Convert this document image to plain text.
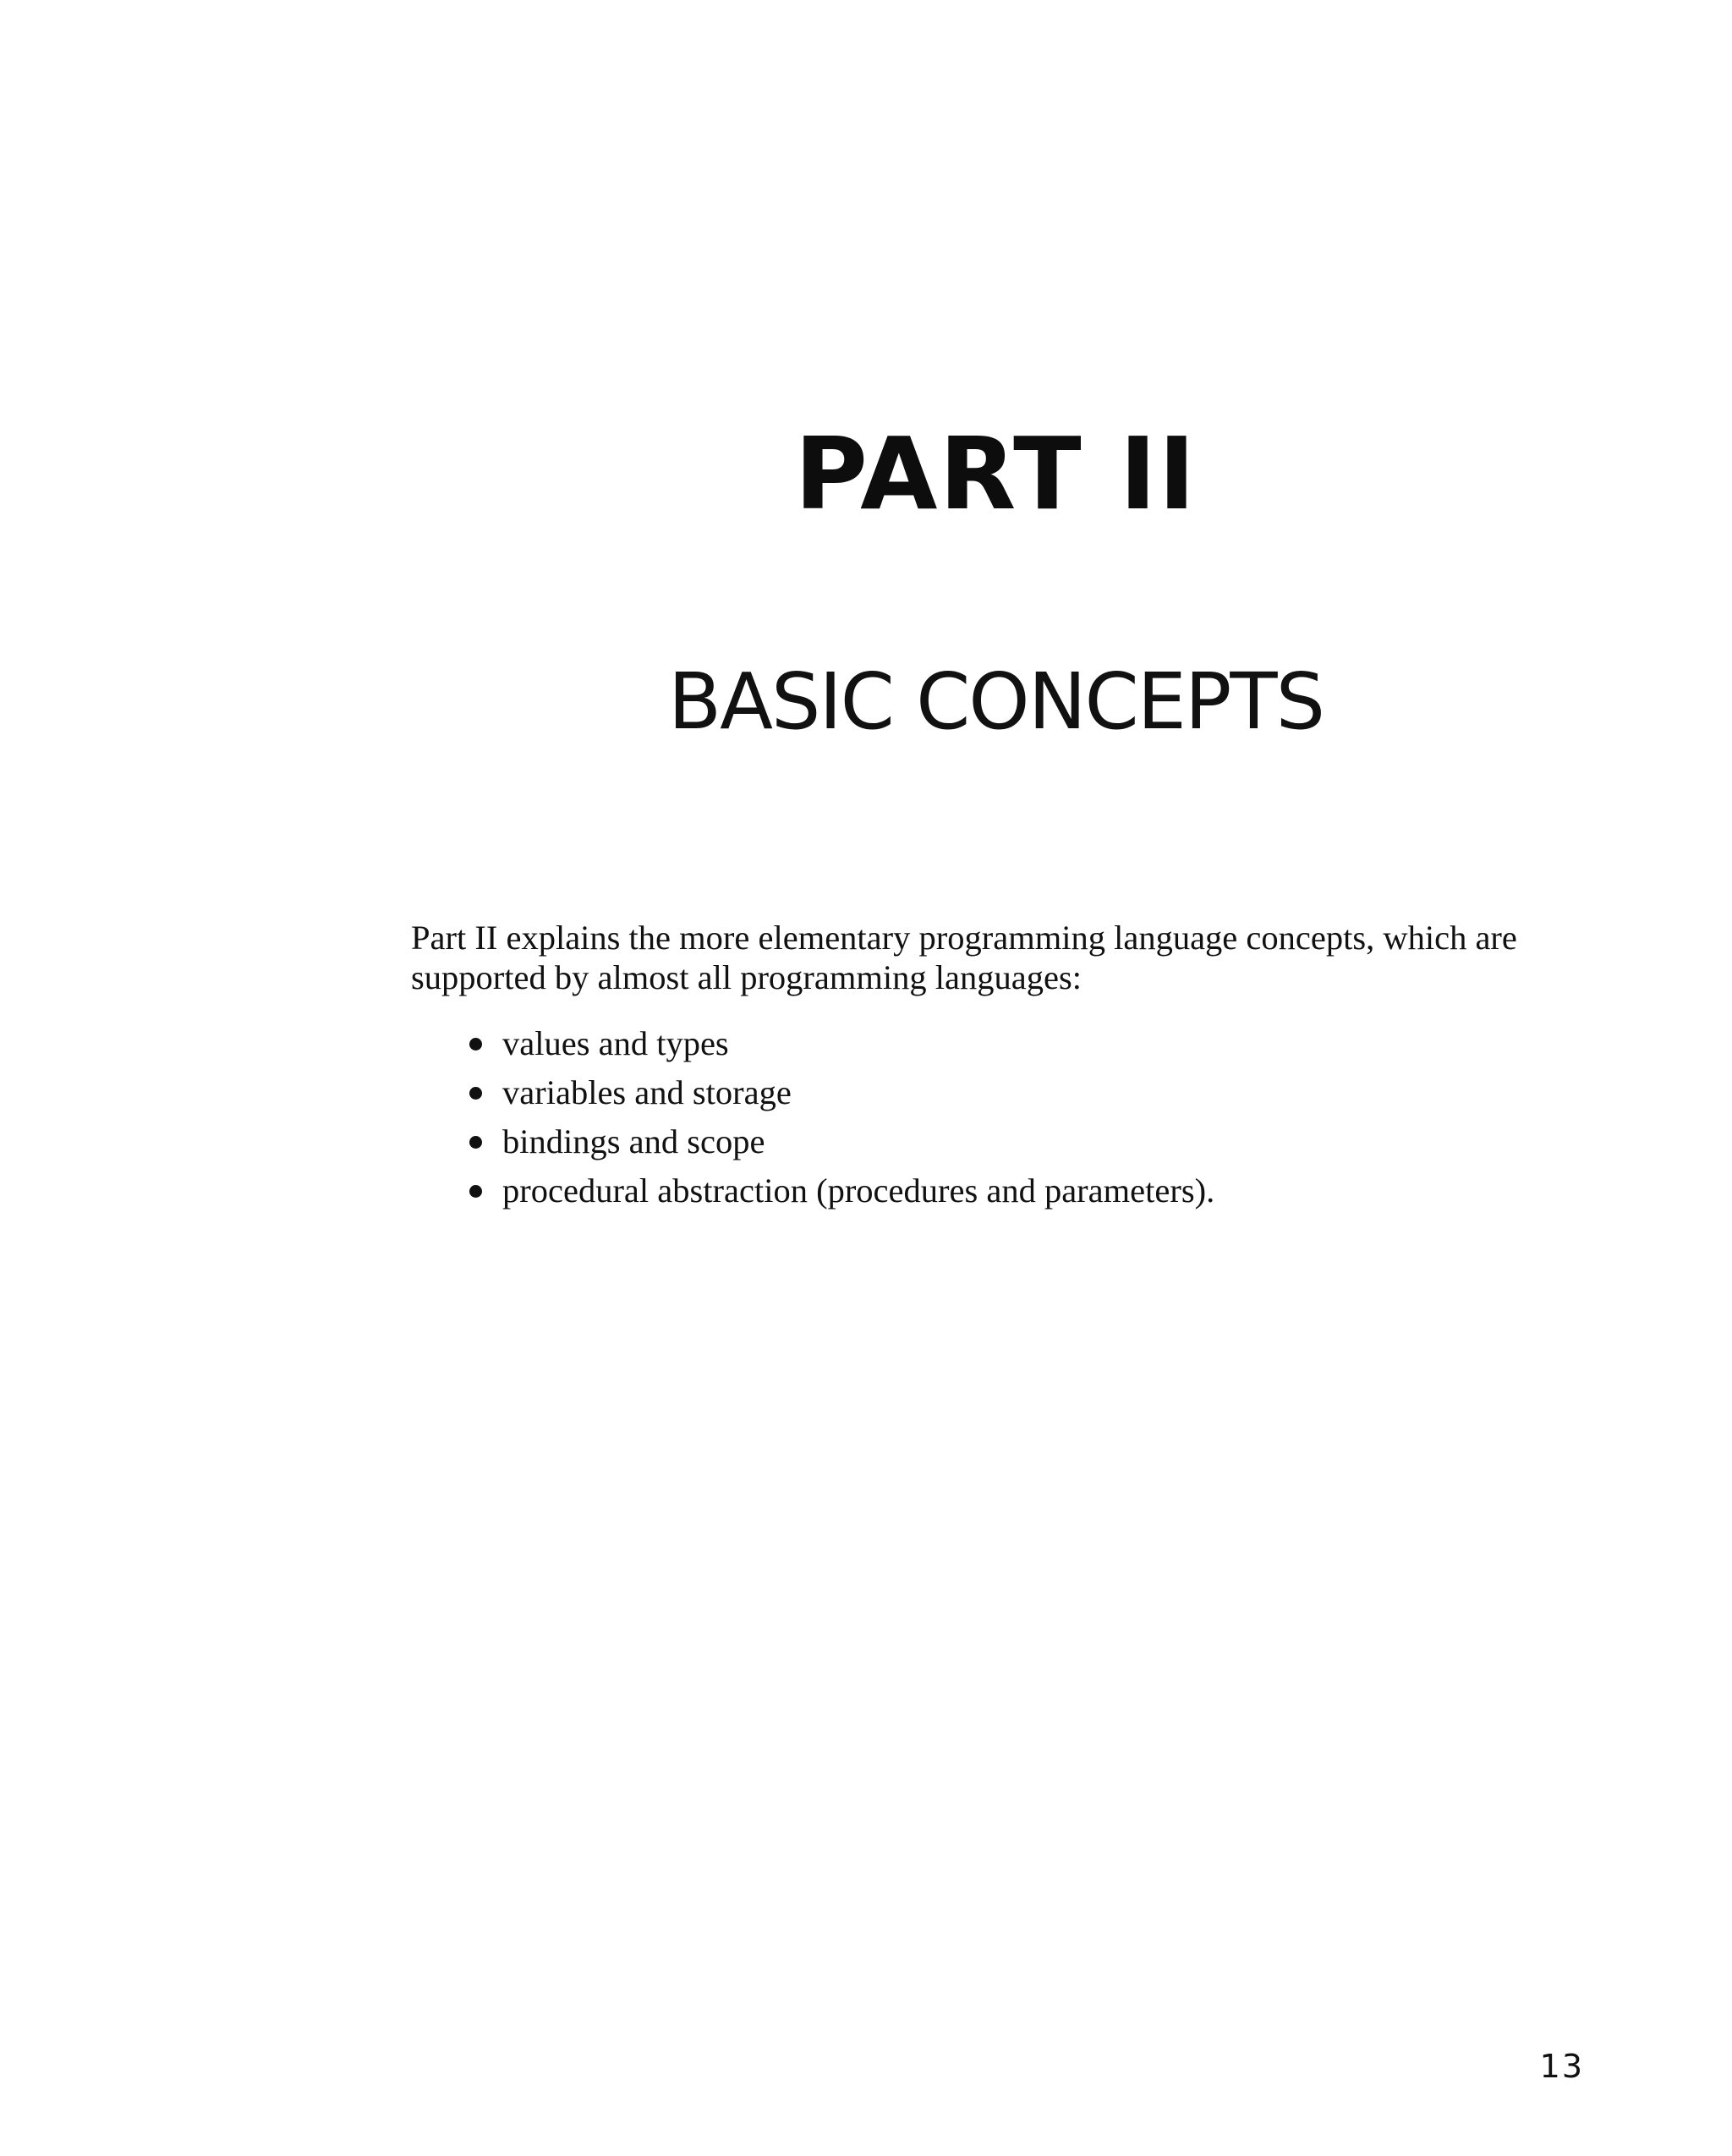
PART II
BASIC CONCEPTS

Part II explains the more elementary programming language concepts, which are supported by almost all programming languages:

values and types
variables and storage
bindings and scope
procedural abstraction (procedures and parameters).
13
